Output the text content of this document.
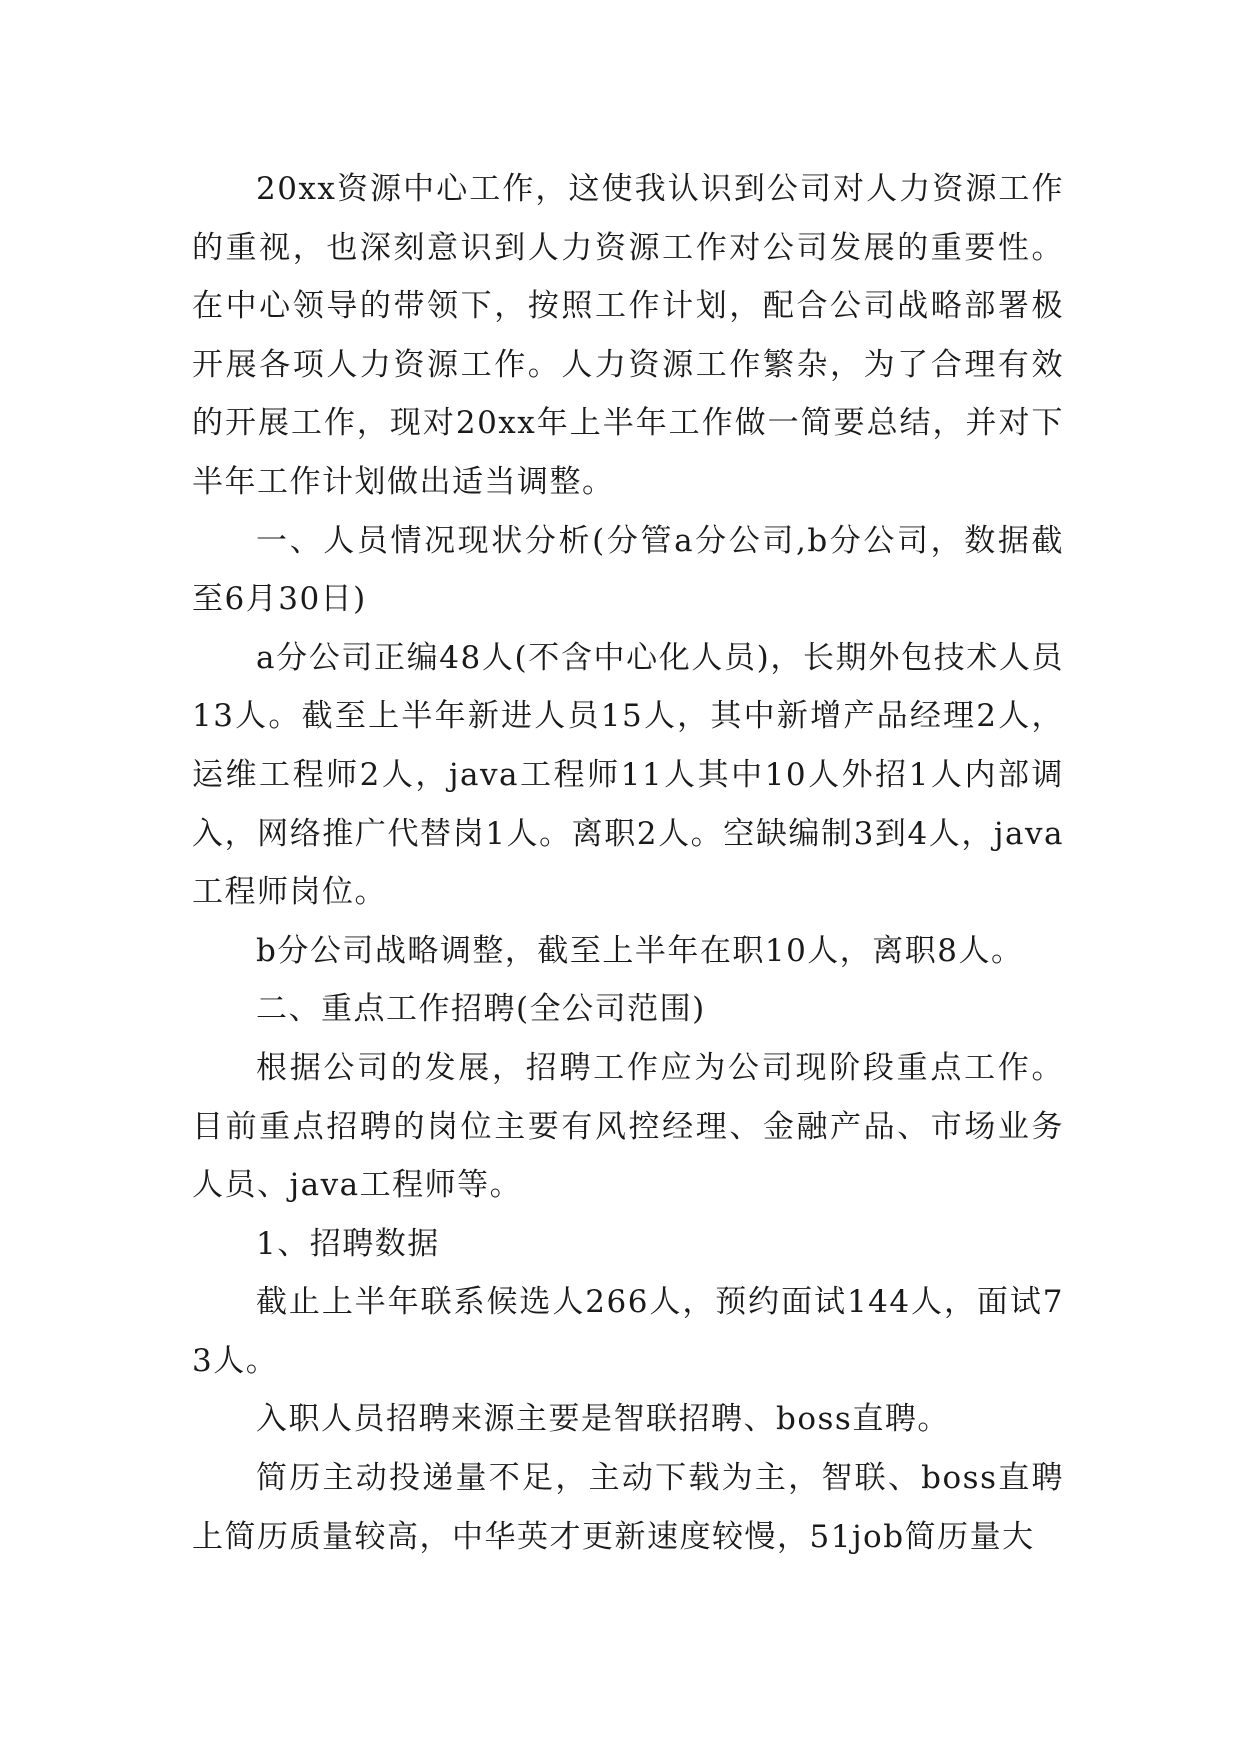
20xx资源中心工作，这使我认识到公司对人力资源工作的重视，也深刻意识到人力资源工作对公司发展的重要性。在中心领导的带领下，按照工作计划，配合公司战略部署极开展各项人力资源工作。人力资源工作繁杂，为了合理有效的开展工作，现对20xx年上半年工作做一简要总结，并对下半年工作计划做出适当调整。

一、人员情况现状分析(分管a分公司,b分公司，数据截至6月30日)

a分公司正编48人(不含中心化人员)，长期外包技术人员13人。截至上半年新进人员15人，其中新增产品经理2人，运维工程师2人，java工程师11人其中10人外招1人内部调入，网络推广代替岗1人。离职2人。空缺编制3到4人，java工程师岗位。

b分公司战略调整，截至上半年在职10人，离职8人。

二、重点工作招聘(全公司范围)

根据公司的发展，招聘工作应为公司现阶段重点工作。目前重点招聘的岗位主要有风控经理、金融产品、市场业务人员、java工程师等。

1、招聘数据

截止上半年联系候选人266人，预约面试144人，面试73人。

入职人员招聘来源主要是智联招聘、boss直聘。

简历主动投递量不足，主动下载为主，智联、boss直聘上简历质量较高，中华英才更新速度较慢，51job简历量大
